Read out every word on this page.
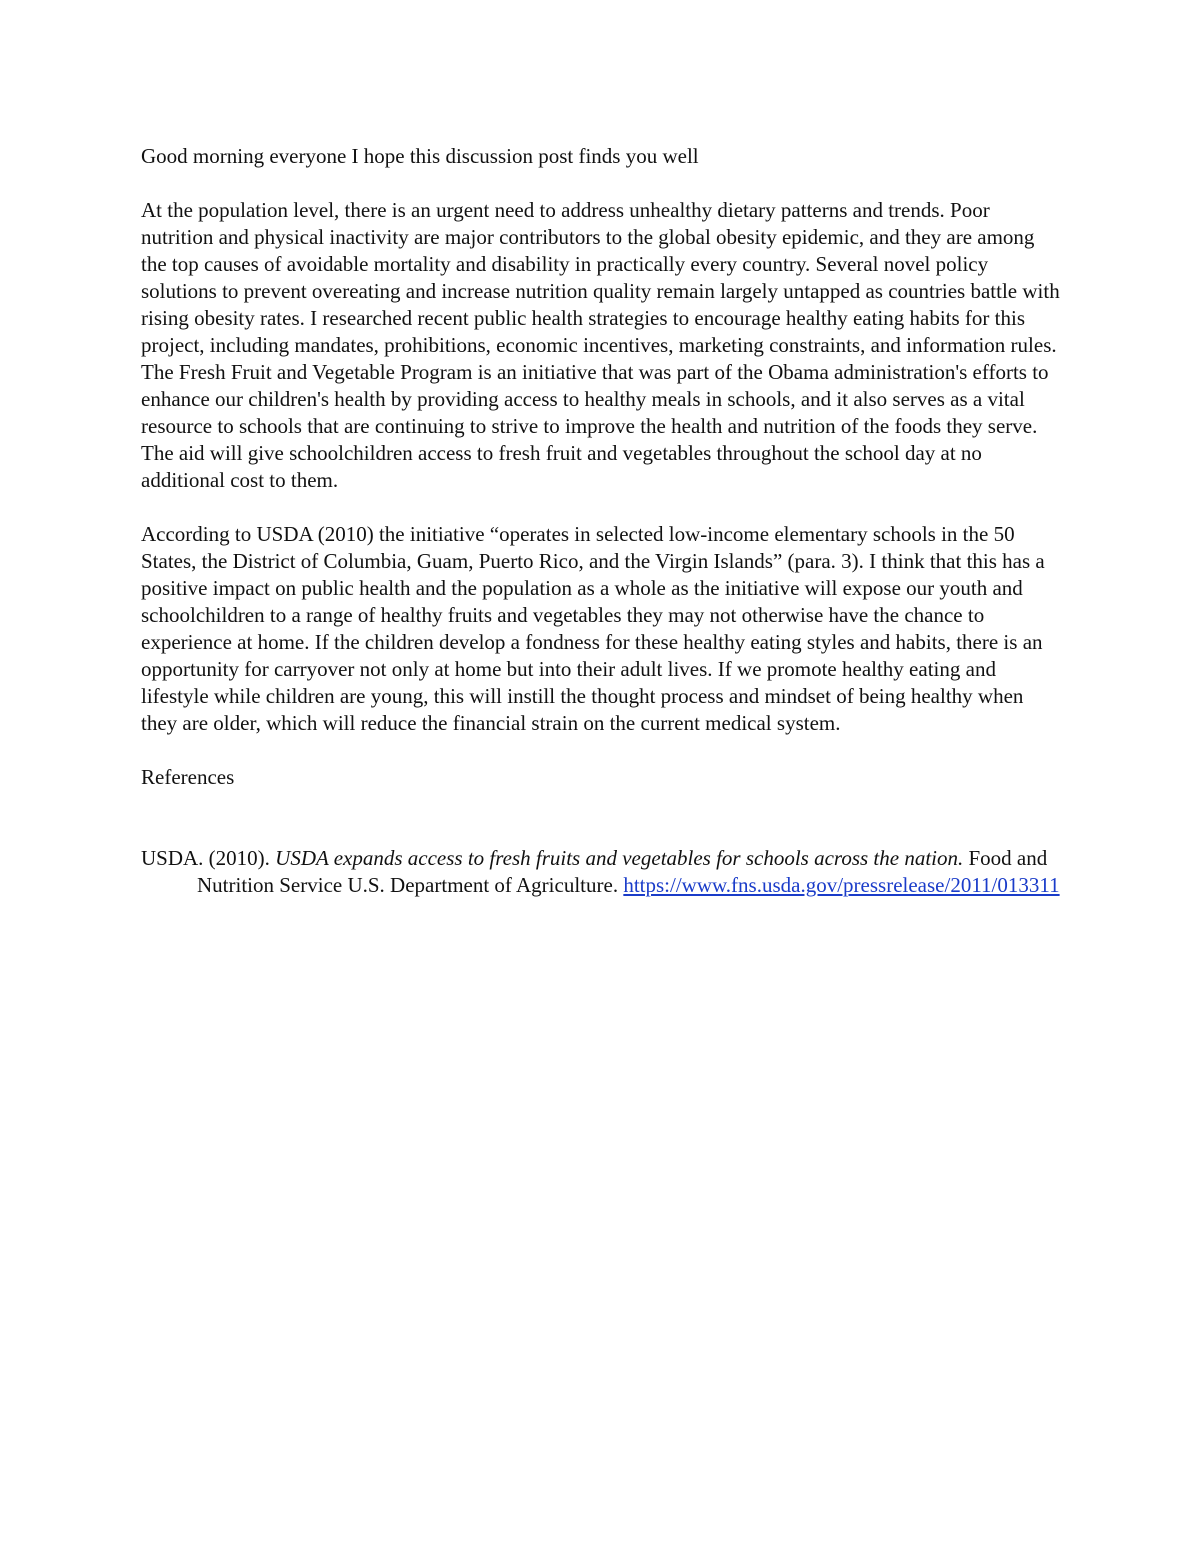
Good morning everyone I hope this discussion post finds you well

At the population level, there is an urgent need to address unhealthy dietary patterns and trends. Poor nutrition and physical inactivity are major contributors to the global obesity epidemic, and they are among the top causes of avoidable mortality and disability in practically every country. Several novel policy solutions to prevent overeating and increase nutrition quality remain largely untapped as countries battle with rising obesity rates. I researched recent public health strategies to encourage healthy eating habits for this project, including mandates, prohibitions, economic incentives, marketing constraints, and information rules. The Fresh Fruit and Vegetable Program is an initiative that was part of the Obama administration's efforts to enhance our children's health by providing access to healthy meals in schools, and it also serves as a vital resource to schools that are continuing to strive to improve the health and nutrition of the foods they serve. The aid will give schoolchildren access to fresh fruit and vegetables throughout the school day at no additional cost to them.

According to USDA (2010) the initiative “operates in selected low-income elementary schools in the 50 States, the District of Columbia, Guam, Puerto Rico, and the Virgin Islands” (para. 3). I think that this has a positive impact on public health and the population as a whole as the initiative will expose our youth and schoolchildren to a range of healthy fruits and vegetables they may not otherwise have the chance to experience at home. If the children develop a fondness for these healthy eating styles and habits, there is an opportunity for carryover not only at home but into their adult lives. If we promote healthy eating and lifestyle while children are young, this will instill the thought process and mindset of being healthy when they are older, which will reduce the financial strain on the current medical system.

References

USDA. (2010). USDA expands access to fresh fruits and vegetables for schools across the nation. Food and Nutrition Service U.S. Department of Agriculture. https://www.fns.usda.gov/pressrelease/2011/013311
